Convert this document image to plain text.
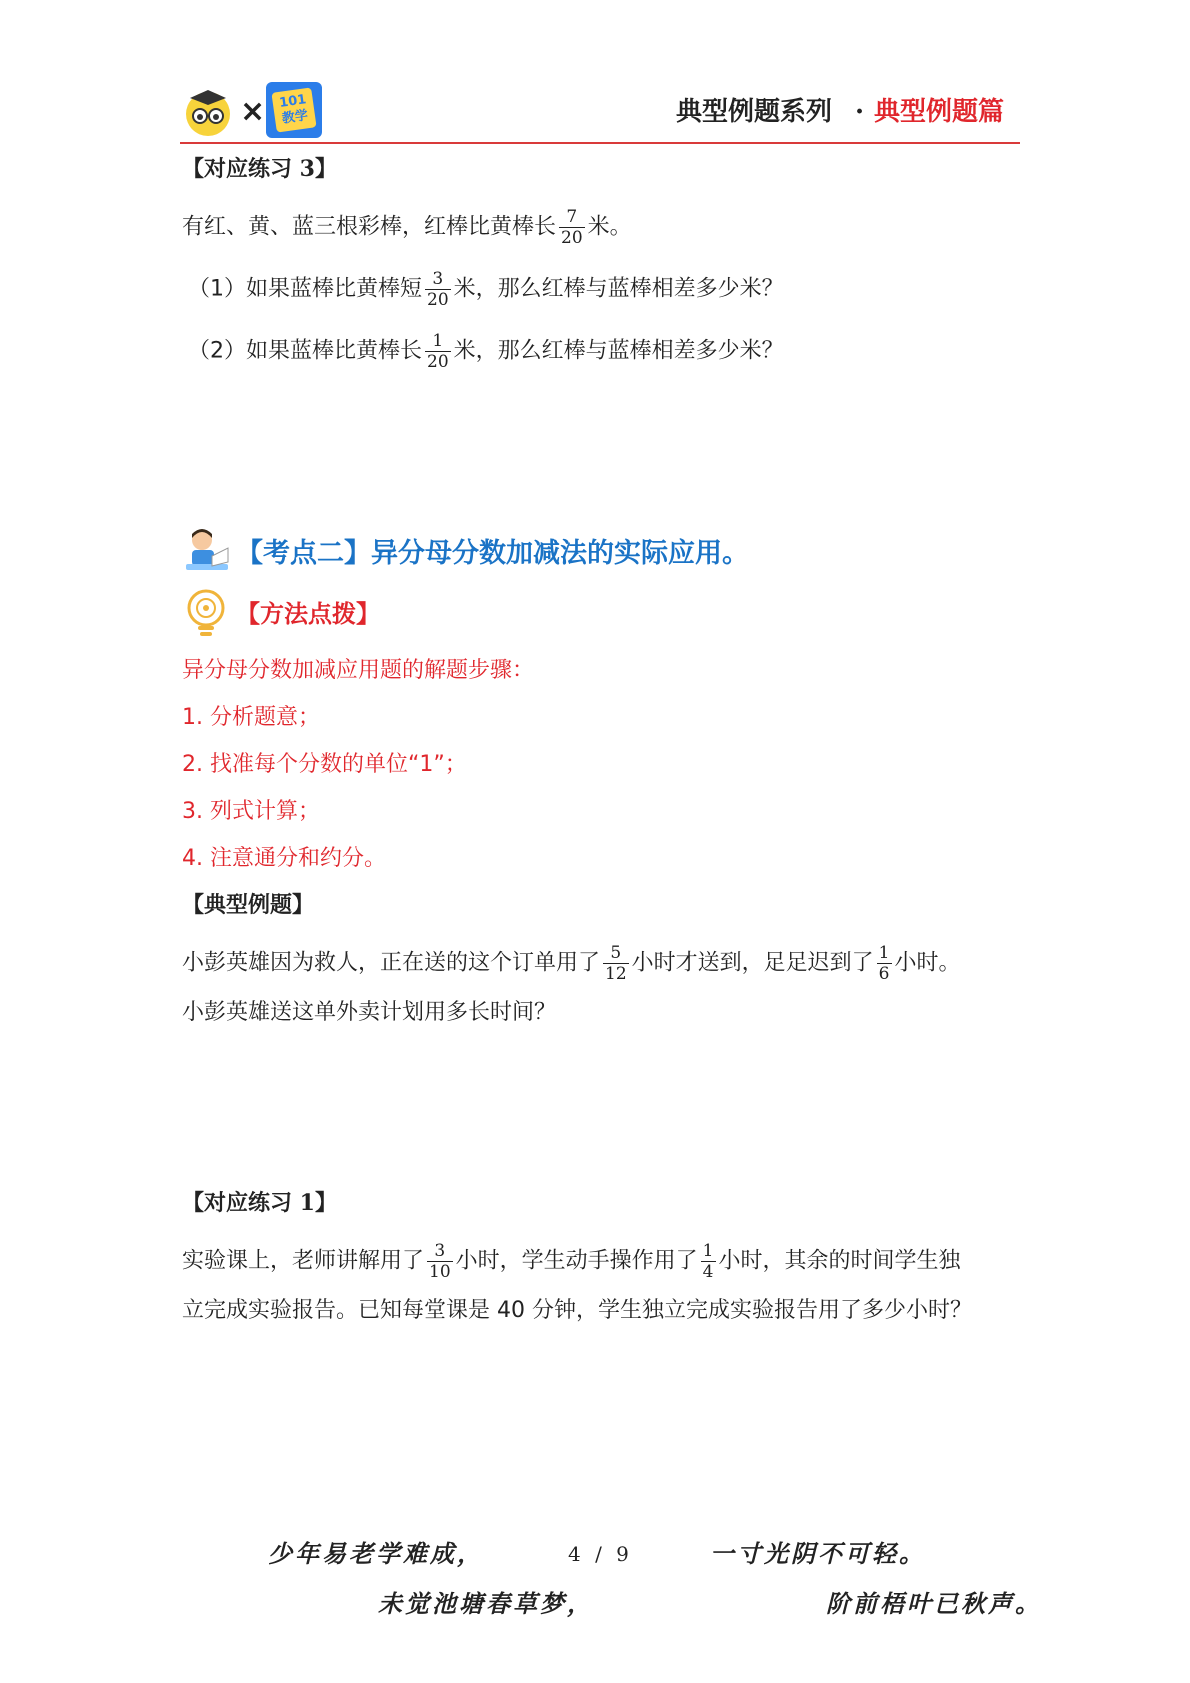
×	101教学	典型例题系列 · 典型例题篇
【对应练习 3】
有红、黄、蓝三根彩棒，红棒比黄棒长 $\frac{7}{20}$ 米。
（1）如果蓝棒比黄棒短 $\frac{3}{20}$ 米，那么红棒与蓝棒相差多少米？
（2）如果蓝棒比黄棒长 $\frac{1}{20}$ 米，那么红棒与蓝棒相差多少米？
【考点二】异分母分数加减法的实际应用。
【方法点拨】
异分母分数加减应用题的解题步骤：
1. 分析题意；
2. 找准每个分数的单位“1”；
3. 列式计算；
4. 注意通分和约分。
【典型例题】
小彭英雄因为救人，正在送的这个订单用了 $\frac{5}{12}$ 小时才送到，足足迟到了 $\frac{1}{6}$ 小时。
小彭英雄送这单外卖计划用多长时间？
【对应练习 1】
实验课上，老师讲解用了 $\frac{3}{10}$ 小时，学生动手操作用了 $\frac{1}{4}$ 小时，其余的时间学生独
立完成实验报告。已知每堂课是 40 分钟，学生独立完成实验报告用了多少小时？
少年易老学难成，	4 / 9	一寸光阴不可轻。
未觉池塘春草梦，	阶前梧叶已秋声。
